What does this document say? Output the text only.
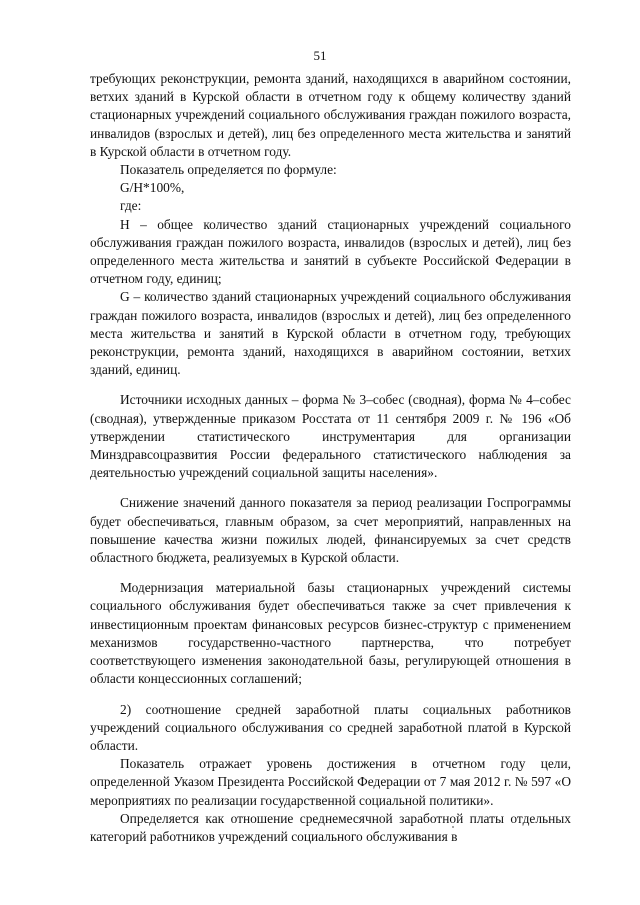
51

требующих реконструкции, ремонта зданий, находящихся в аварийном состоянии, ветхих зданий в Курской области в отчетном году к общему количеству зданий стационарных учреждений социального обслуживания граждан пожилого возраста, инвалидов (взрослых и детей), лиц без определенного места жительства и занятий в Курской области в отчетном году.

Показатель определяется по формуле:

G/H*100%,

где:

H – общее количество зданий стационарных учреждений социального обслуживания граждан пожилого возраста, инвалидов (взрослых и детей), лиц без определенного места жительства и занятий в субъекте Российской Федерации в отчетном году, единиц;

G – количество зданий стационарных учреждений социального обслуживания граждан пожилого возраста, инвалидов (взрослых и детей), лиц без определенного места жительства и занятий в Курской области в отчетном году, требующих реконструкции, ремонта зданий, находящихся в аварийном состоянии, ветхих зданий, единиц.

Источники исходных данных – форма № 3–собес (сводная), форма № 4–собес (сводная), утвержденные приказом Росстата от 11 сентября 2009 г. № 196 «Об утверждении статистического инструментария для организации Минздравсоцразвития России федерального статистического наблюдения за деятельностью учреждений социальной защиты населения».

Снижение значений данного показателя за период реализации Госпрограммы будет обеспечиваться, главным образом, за счет мероприятий, направленных на повышение качества жизни пожилых людей, финансируемых за счет средств областного бюджета, реализуемых в Курской области.

Модернизация материальной базы стационарных учреждений системы социального обслуживания будет обеспечиваться также за счет привлечения к инвестиционным проектам финансовых ресурсов бизнес-структур с применением механизмов государственно-частного партнерства, что потребует соответствующего изменения законодательной базы, регулирующей отношения в области концессионных соглашений;

2) соотношение средней заработной платы социальных работников учреждений социального обслуживания со средней заработной платой в Курской области.

Показатель отражает уровень достижения в отчетном году цели, определенной Указом Президента Российской Федерации от 7 мая 2012 г. № 597 «О мероприятиях по реализации государственной социальной политики».

Определяется как отношение среднемесячной заработной платы отдельных категорий работников учреждений социального обслуживания в
